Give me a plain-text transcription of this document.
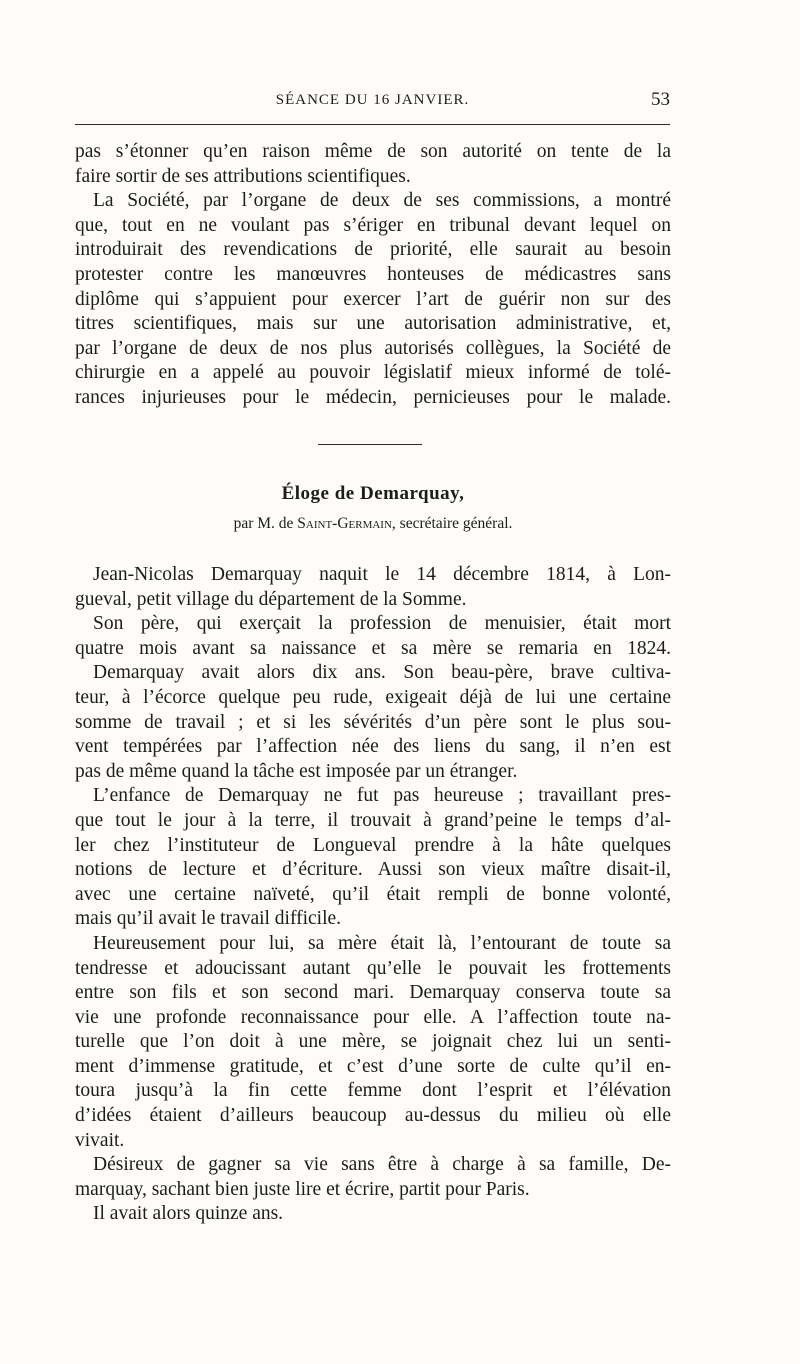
SÉANCE DU 16 JANVIER.	53
pas s’étonner qu’en raison même de son autorité on tente de la
faire sortir de ses attributions scientifiques.
La Société, par l’organe de deux de ses commissions, a montré
que, tout en ne voulant pas s’ériger en tribunal devant lequel on
introduirait des revendications de priorité, elle saurait au besoin
protester contre les manœuvres honteuses de médicastres sans
diplôme qui s’appuient pour exercer l’art de guérir non sur des
titres scientifiques, mais sur une autorisation administrative, et,
par l’organe de deux de nos plus autorisés collègues, la Société de
chirurgie en a appelé au pouvoir législatif mieux informé de tolé-
rances injurieuses pour le médecin, pernicieuses pour le malade.
Éloge de Demarquay,
par M. de Saint-Germain, secrétaire général.
Jean-Nicolas Demarquay naquit le 14 décembre 1814, à Lon-
gueval, petit village du département de la Somme.
Son père, qui exerçait la profession de menuisier, était mort
quatre mois avant sa naissance et sa mère se remaria en 1824.
Demarquay avait alors dix ans. Son beau-père, brave cultiva-
teur, à l’écorce quelque peu rude, exigeait déjà de lui une certaine
somme de travail ; et si les sévérités d’un père sont le plus sou-
vent tempérées par l’affection née des liens du sang, il n’en est
pas de même quand la tâche est imposée par un étranger.
L’enfance de Demarquay ne fut pas heureuse ; travaillant pres-
que tout le jour à la terre, il trouvait à grand’peine le temps d’al-
ler chez l’instituteur de Longueval prendre à la hâte quelques
notions de lecture et d’écriture. Aussi son vieux maître disait-il,
avec une certaine naïveté, qu’il était rempli de bonne volonté,
mais qu’il avait le travail difficile.
Heureusement pour lui, sa mère était là, l’entourant de toute sa
tendresse et adoucissant autant qu’elle le pouvait les frottements
entre son fils et son second mari. Demarquay conserva toute sa
vie une profonde reconnaissance pour elle. A l’affection toute na-
turelle que l’on doit à une mère, se joignait chez lui un senti-
ment d’immense gratitude, et c’est d’une sorte de culte qu’il en-
toura jusqu’à la fin cette femme dont l’esprit et l’élévation
d’idées étaient d’ailleurs beaucoup au-dessus du milieu où elle
vivait.
Désireux de gagner sa vie sans être à charge à sa famille, De-
marquay, sachant bien juste lire et écrire, partit pour Paris.
Il avait alors quinze ans.
